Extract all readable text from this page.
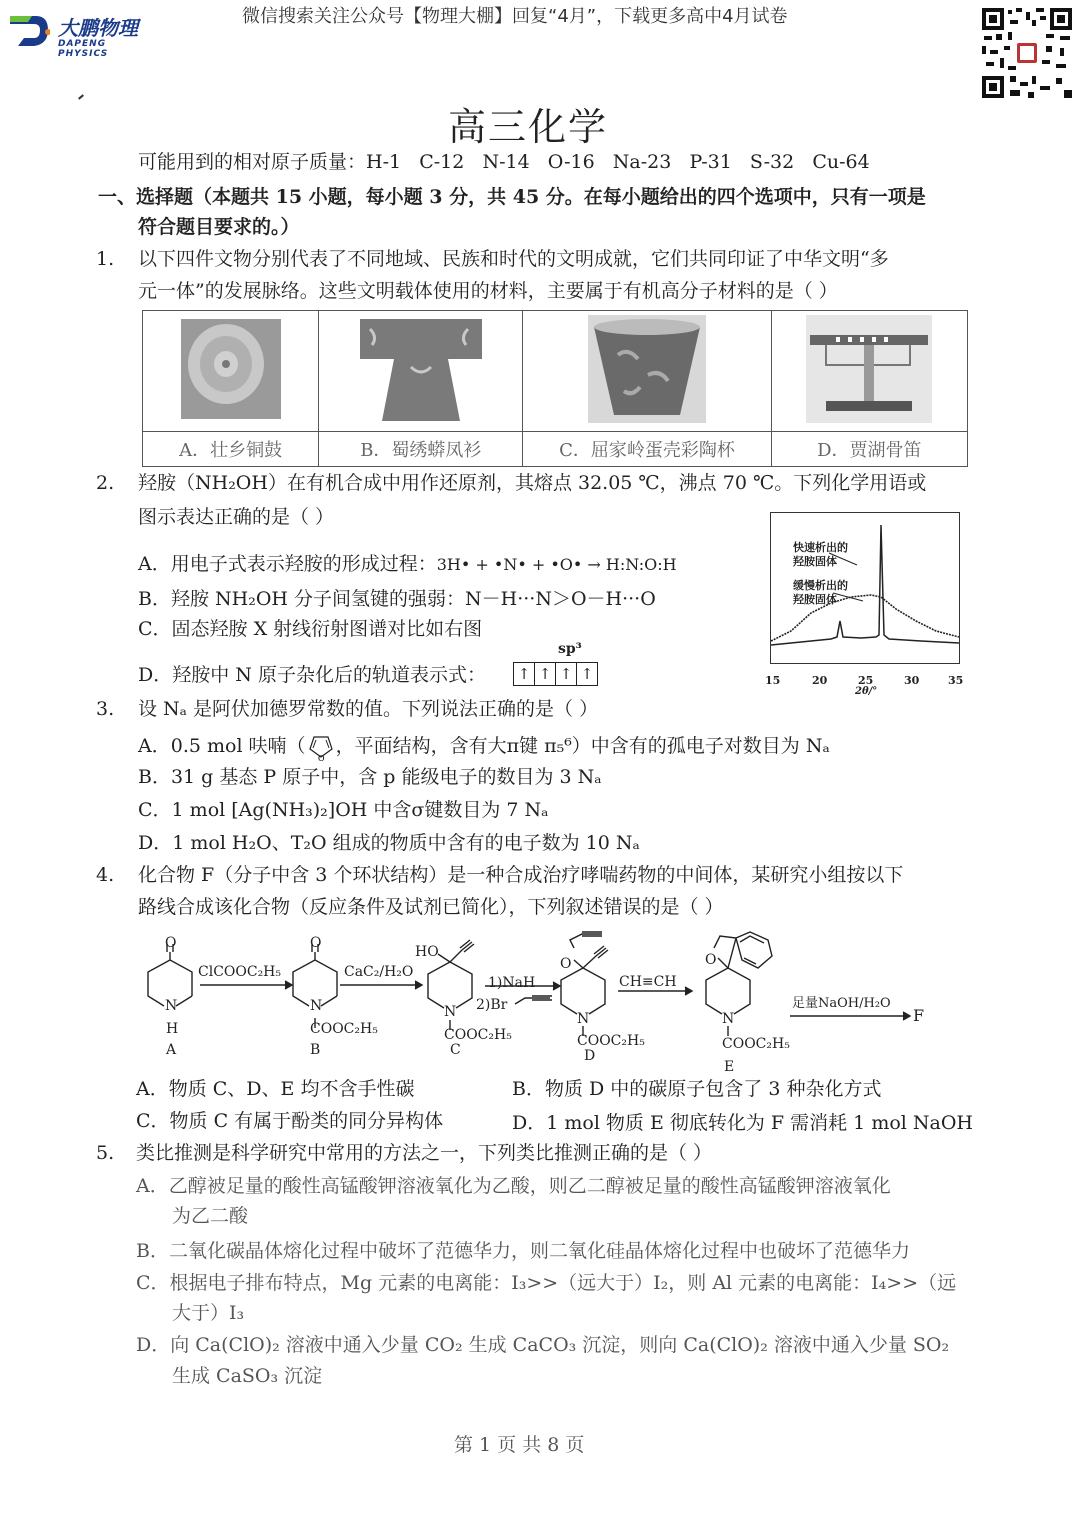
大鹏物理
DAPENG PHYSICS
微信搜索关注公众号【物理大棚】回复“4月”，下载更多高中4月试卷
高三化学
可能用到的相对原子质量：H-1   C-12   N-14   O-16   Na-23   P-31   S-32   Cu-64
一、选择题（本题共 15 小题，每小题 3 分，共 45 分。在每小题给出的四个选项中，只有一项是
符合题目要求的。）
1. 以下四件文物分别代表了不同地域、民族和时代的文明成就，它们共同印证了中华文明“多
元一体”的发展脉络。这些文明载体使用的材料，主要属于有机高分子材料的是（ ）

A．壮乡铜鼓	B．蜀绣蟒凤衫	C．屈家岭蛋壳彩陶杯	D．贾湖骨笛
2. 羟胺（NH₂OH）在有机合成中用作还原剂，其熔点 32.05 ℃，沸点 70 ℃。下列化学用语或
图示表达正确的是（ ）
A．用电子式表示羟胺的形成过程：3H• + •N• + •O• → H:N:O:H
B．羟胺 NH₂OH 分子间氢键的强弱：N－H···N＞O－H···O
C．固态羟胺 X 射线衍射图谱对比如右图
D．羟胺中 N 原子杂化后的轨道表示式：
sp³
↑ ↑ ↑ ↑
快速析出的
羟胺固体
缓慢析出的
羟胺固体
15	20	25	30	35
2θ/°
3. 设 Nₐ 是阿伏加德罗常数的值。下列说法正确的是（ ）
A．0.5 mol 呋喃（
O
，平面结构，含有大π键 π₅⁶）中含有的孤电子对数目为 Nₐ
B．31 g 基态 P 原子中，含 p 能级电子的数目为 3 Nₐ
C．1 mol [Ag(NH₃)₂]OH 中含σ键数目为 7 Nₐ
D．1 mol H₂O、T₂O 组成的物质中含有的电子数为 10 Nₐ
4. 化合物 F（分子中含 3 个环状结构）是一种合成治疗哮喘药物的中间体，某研究小组按以下
路线合成该化合物（反应条件及试剂已简化），下列叙述错误的是（ ）
O
N
H
A
ClCOOC₂H₅
O
N
COOC₂H₅
B
CaC₂/H₂O
HO
N
COOC₂H₅
C
1)NaH
2)Br
O
N
COOC₂H₅
D
CH≡CH
O
N
COOC₂H₅
E
足量NaOH/H₂O
F
A．物质 C、D、E 均不含手性碳	B．物质 D 中的碳原子包含了 3 种杂化方式
C．物质 C 有属于酚类的同分异构体	D．1 mol 物质 E 彻底转化为 F 需消耗 1 mol NaOH
5. 类比推测是科学研究中常用的方法之一，下列类比推测正确的是（ ）
A．乙醇被足量的酸性高锰酸钾溶液氧化为乙酸，则乙二醇被足量的酸性高锰酸钾溶液氧化
为乙二酸
B．二氧化碳晶体熔化过程中破坏了范德华力，则二氧化硅晶体熔化过程中也破坏了范德华力
C．根据电子排布特点，Mg 元素的电离能：I₃>>（远大于）I₂，则 Al 元素的电离能：I₄>>（远
大于）I₃
D．向 Ca(ClO)₂ 溶液中通入少量 CO₂ 生成 CaCO₃ 沉淀，则向 Ca(ClO)₂ 溶液中通入少量 SO₂
生成 CaSO₃ 沉淀
第 1 页 共 8 页
